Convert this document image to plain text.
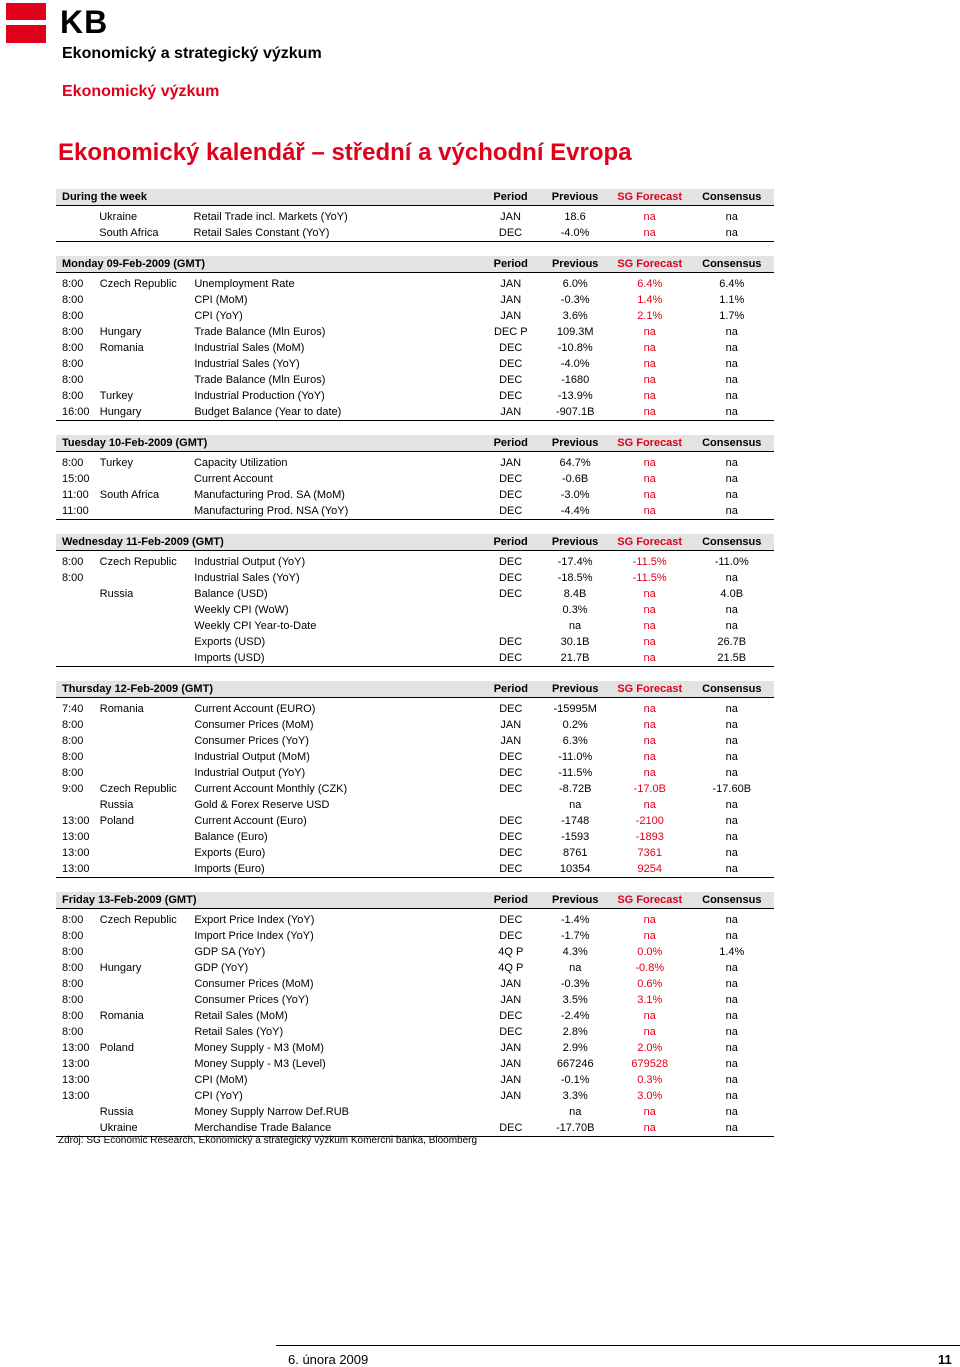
KB
Ekonomický a strategický výzkum
Ekonomický výzkum
Ekonomický kalendář – střední a východní Evropa
During the week			Period	Previous	SG Forecast	Consensus

	Ukraine	Retail Trade incl. Markets (YoY)	JAN	18.6	na	na
	South Africa	Retail Sales Constant (YoY)	DEC	-4.0%	na	na
Monday 09-Feb-2009 (GMT)			Period	Previous	SG Forecast	Consensus

8:00	Czech Republic	Unemployment Rate	JAN	6.0%	6.4%	6.4%
8:00		CPI (MoM)	JAN	-0.3%	1.4%	1.1%
8:00		CPI (YoY)	JAN	3.6%	2.1%	1.7%
8:00	Hungary	Trade Balance (Mln Euros)	DEC P	109.3M	na	na
8:00	Romania	Industrial Sales (MoM)	DEC	-10.8%	na	na
8:00		Industrial Sales (YoY)	DEC	-4.0%	na	na
8:00		Trade Balance (Mln Euros)	DEC	-1680	na	na
8:00	Turkey	Industrial Production (YoY)	DEC	-13.9%	na	na
16:00	Hungary	Budget Balance (Year to date)	JAN	-907.1B	na	na
Tuesday 10-Feb-2009 (GMT)			Period	Previous	SG Forecast	Consensus

8:00	Turkey	Capacity Utilization	JAN	64.7%	na	na
15:00		Current Account	DEC	-0.6B	na	na
11:00	South Africa	Manufacturing Prod. SA (MoM)	DEC	-3.0%	na	na
11:00		Manufacturing Prod. NSA (YoY)	DEC	-4.4%	na	na
Wednesday 11-Feb-2009 (GMT)			Period	Previous	SG Forecast	Consensus

8:00	Czech Republic	Industrial Output (YoY)	DEC	-17.4%	-11.5%	-11.0%
8:00		Industrial Sales (YoY)	DEC	-18.5%	-11.5%	na
	Russia	Balance (USD)	DEC	8.4B	na	4.0B
		Weekly CPI (WoW)		0.3%	na	na
		Weekly CPI Year-to-Date		na	na	na
		Exports (USD)	DEC	30.1B	na	26.7B
		Imports (USD)	DEC	21.7B	na	21.5B
Thursday 12-Feb-2009 (GMT)			Period	Previous	SG Forecast	Consensus

7:40	Romania	Current Account (EURO)	DEC	-15995M	na	na
8:00		Consumer Prices (MoM)	JAN	0.2%	na	na
8:00		Consumer Prices (YoY)	JAN	6.3%	na	na
8:00		Industrial Output (MoM)	DEC	-11.0%	na	na
8:00		Industrial Output (YoY)	DEC	-11.5%	na	na
9:00	Czech Republic	Current Account Monthly (CZK)	DEC	-8.72B	-17.0B	-17.60B
	Russia	Gold & Forex Reserve USD		na	na	na
13:00	Poland	Current Account (Euro)	DEC	-1748	-2100	na
13:00		Balance (Euro)	DEC	-1593	-1893	na
13:00		Exports (Euro)	DEC	8761	7361	na
13:00		Imports (Euro)	DEC	10354	9254	na
Friday 13-Feb-2009 (GMT)			Period	Previous	SG Forecast	Consensus

8:00	Czech Republic	Export Price Index (YoY)	DEC	-1.4%	na	na
8:00		Import Price Index (YoY)	DEC	-1.7%	na	na
8:00		GDP SA (YoY)	4Q P	4.3%	0.0%	1.4%
8:00	Hungary	GDP (YoY)	4Q P	na	-0.8%	na
8:00		Consumer Prices (MoM)	JAN	-0.3%	0.6%	na
8:00		Consumer Prices (YoY)	JAN	3.5%	3.1%	na
8:00	Romania	Retail Sales (MoM)	DEC	-2.4%	na	na
8:00		Retail Sales (YoY)	DEC	2.8%	na	na
13:00	Poland	Money Supply - M3 (MoM)	JAN	2.9%	2.0%	na
13:00		Money Supply - M3 (Level)	JAN	667246	679528	na
13:00		CPI (MoM)	JAN	-0.1%	0.3%	na
13:00		CPI (YoY)	JAN	3.3%	3.0%	na
	Russia	Money Supply Narrow Def.RUB		na	na	na
	Ukraine	Merchandise Trade Balance	DEC	-17.70B	na	na
Zdroj: SG Economic Research, Ekonomický a strategický výzkum Komercni banka, Bloomberg
6. února 2009	11
